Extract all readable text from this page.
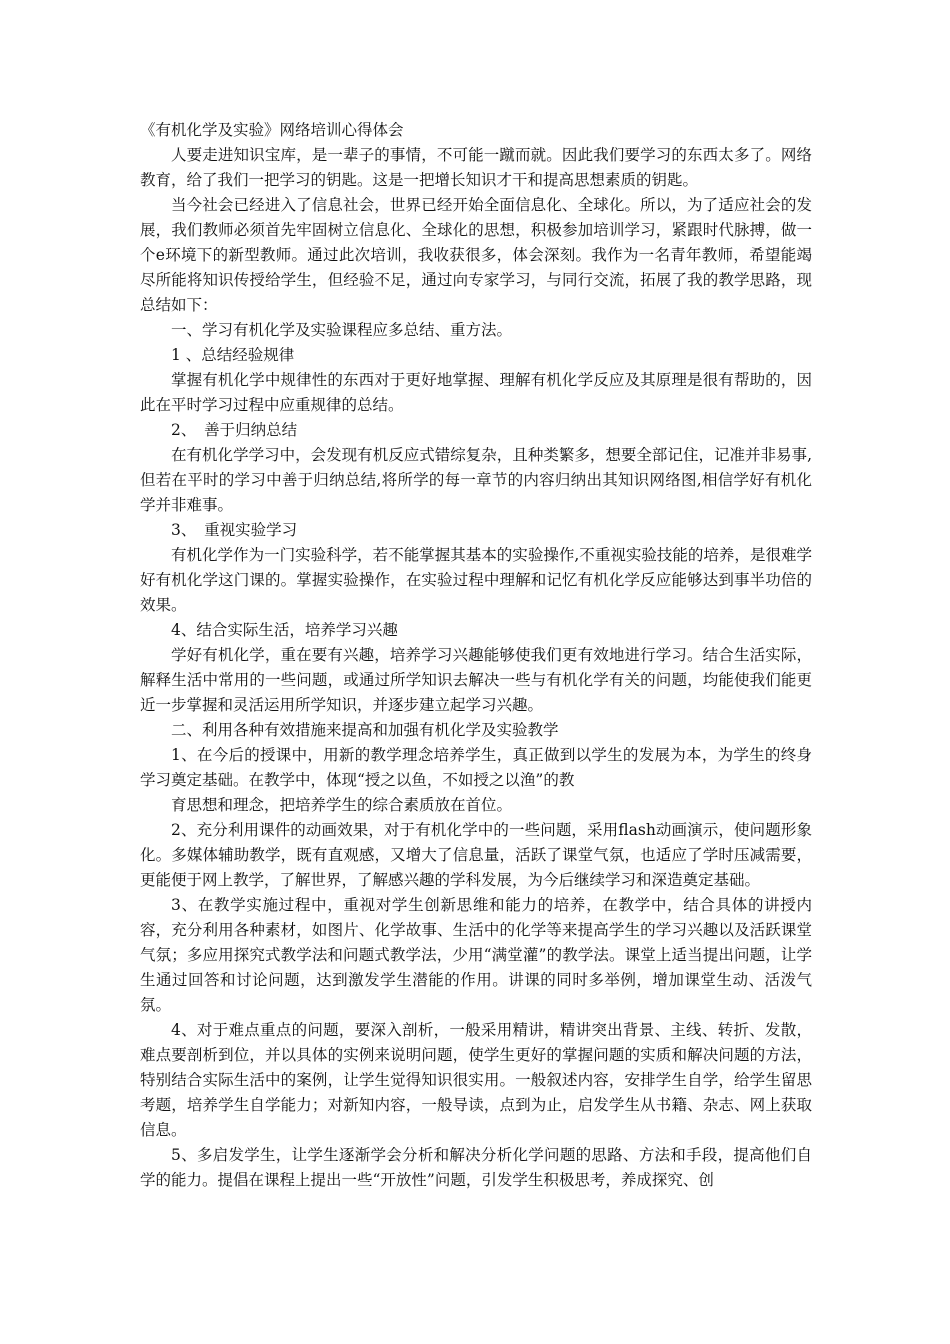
《有机化学及实验》网络培训心得体会

人要走进知识宝库，是一辈子的事情，不可能一蹴而就。因此我们要学习的东西太多了。网络教育，给了我们一把学习的钥匙。这是一把增长知识才干和提高思想素质的钥匙。

当今社会已经进入了信息社会，世界已经开始全面信息化、全球化。所以，为了适应社会的发展，我们教师必须首先牢固树立信息化、全球化的思想，积极参加培训学习，紧跟时代脉搏，做一个e环境下的新型教师。通过此次培训，我收获很多，体会深刻。我作为一名青年教师，希望能竭尽所能将知识传授给学生，但经验不足，通过向专家学习，与同行交流，拓展了我的教学思路，现总结如下：

一、学习有机化学及实验课程应多总结、重方法。

1 、总结经验规律

掌握有机化学中规律性的东西对于更好地掌握、理解有机化学反应及其原理是很有帮助的，因此在平时学习过程中应重规律的总结。

2、　善于归纳总结

在有机化学学习中，会发现有机反应式错综复杂，且种类繁多，想要全部记住，记准并非易事,但若在平时的学习中善于归纳总结,将所学的每一章节的内容归纳出其知识网络图,相信学好有机化学并非难事。

3、　重视实验学习

有机化学作为一门实验科学，若不能掌握其基本的实验操作,不重视实验技能的培养，是很难学好有机化学这门课的。掌握实验操作，在实验过程中理解和记忆有机化学反应能够达到事半功倍的效果。

4、结合实际生活，培养学习兴趣

学好有机化学，重在要有兴趣，培养学习兴趣能够使我们更有效地进行学习。结合生活实际，解释生活中常用的一些问题，或通过所学知识去解决一些与有机化学有关的问题，均能使我们能更近一步掌握和灵活运用所学知识，并逐步建立起学习兴趣。

二、利用各种有效措施来提高和加强有机化学及实验教学

1、在今后的授课中，用新的教学理念培养学生，真正做到以学生的发展为本，为学生的终身学习奠定基础。在教学中，体现“授之以鱼，不如授之以渔”的教

育思想和理念，把培养学生的综合素质放在首位。

2、充分利用课件的动画效果，对于有机化学中的一些问题，采用flash动画演示，使问题形象化。多媒体辅助教学，既有直观感，又增大了信息量，活跃了课堂气氛，也适应了学时压减需要，更能便于网上教学，了解世界，了解感兴趣的学科发展，为今后继续学习和深造奠定基础。

3、在教学实施过程中，重视对学生创新思维和能力的培养，在教学中，结合具体的讲授内容，充分利用各种素材，如图片、化学故事、生活中的化学等来提高学生的学习兴趣以及活跃课堂气氛；多应用探究式教学法和问题式教学法，少用“满堂灌”的教学法。课堂上适当提出问题，让学生通过回答和讨论问题，达到激发学生潜能的作用。讲课的同时多举例，增加课堂生动、活泼气氛。

4、对于难点重点的问题，要深入剖析，一般采用精讲，精讲突出背景、主线、转折、发散，难点要剖析到位，并以具体的实例来说明问题，使学生更好的掌握问题的实质和解决问题的方法，特别结合实际生活中的案例，让学生觉得知识很实用。一般叙述内容，安排学生自学，给学生留思考题，培养学生自学能力；对新知内容，一般导读，点到为止，启发学生从书籍、杂志、网上获取信息。

5、多启发学生，让学生逐渐学会分析和解决分析化学问题的思路、方法和手段，提高他们自学的能力。提倡在课程上提出一些“开放性”问题，引发学生积极思考，养成探究、创
